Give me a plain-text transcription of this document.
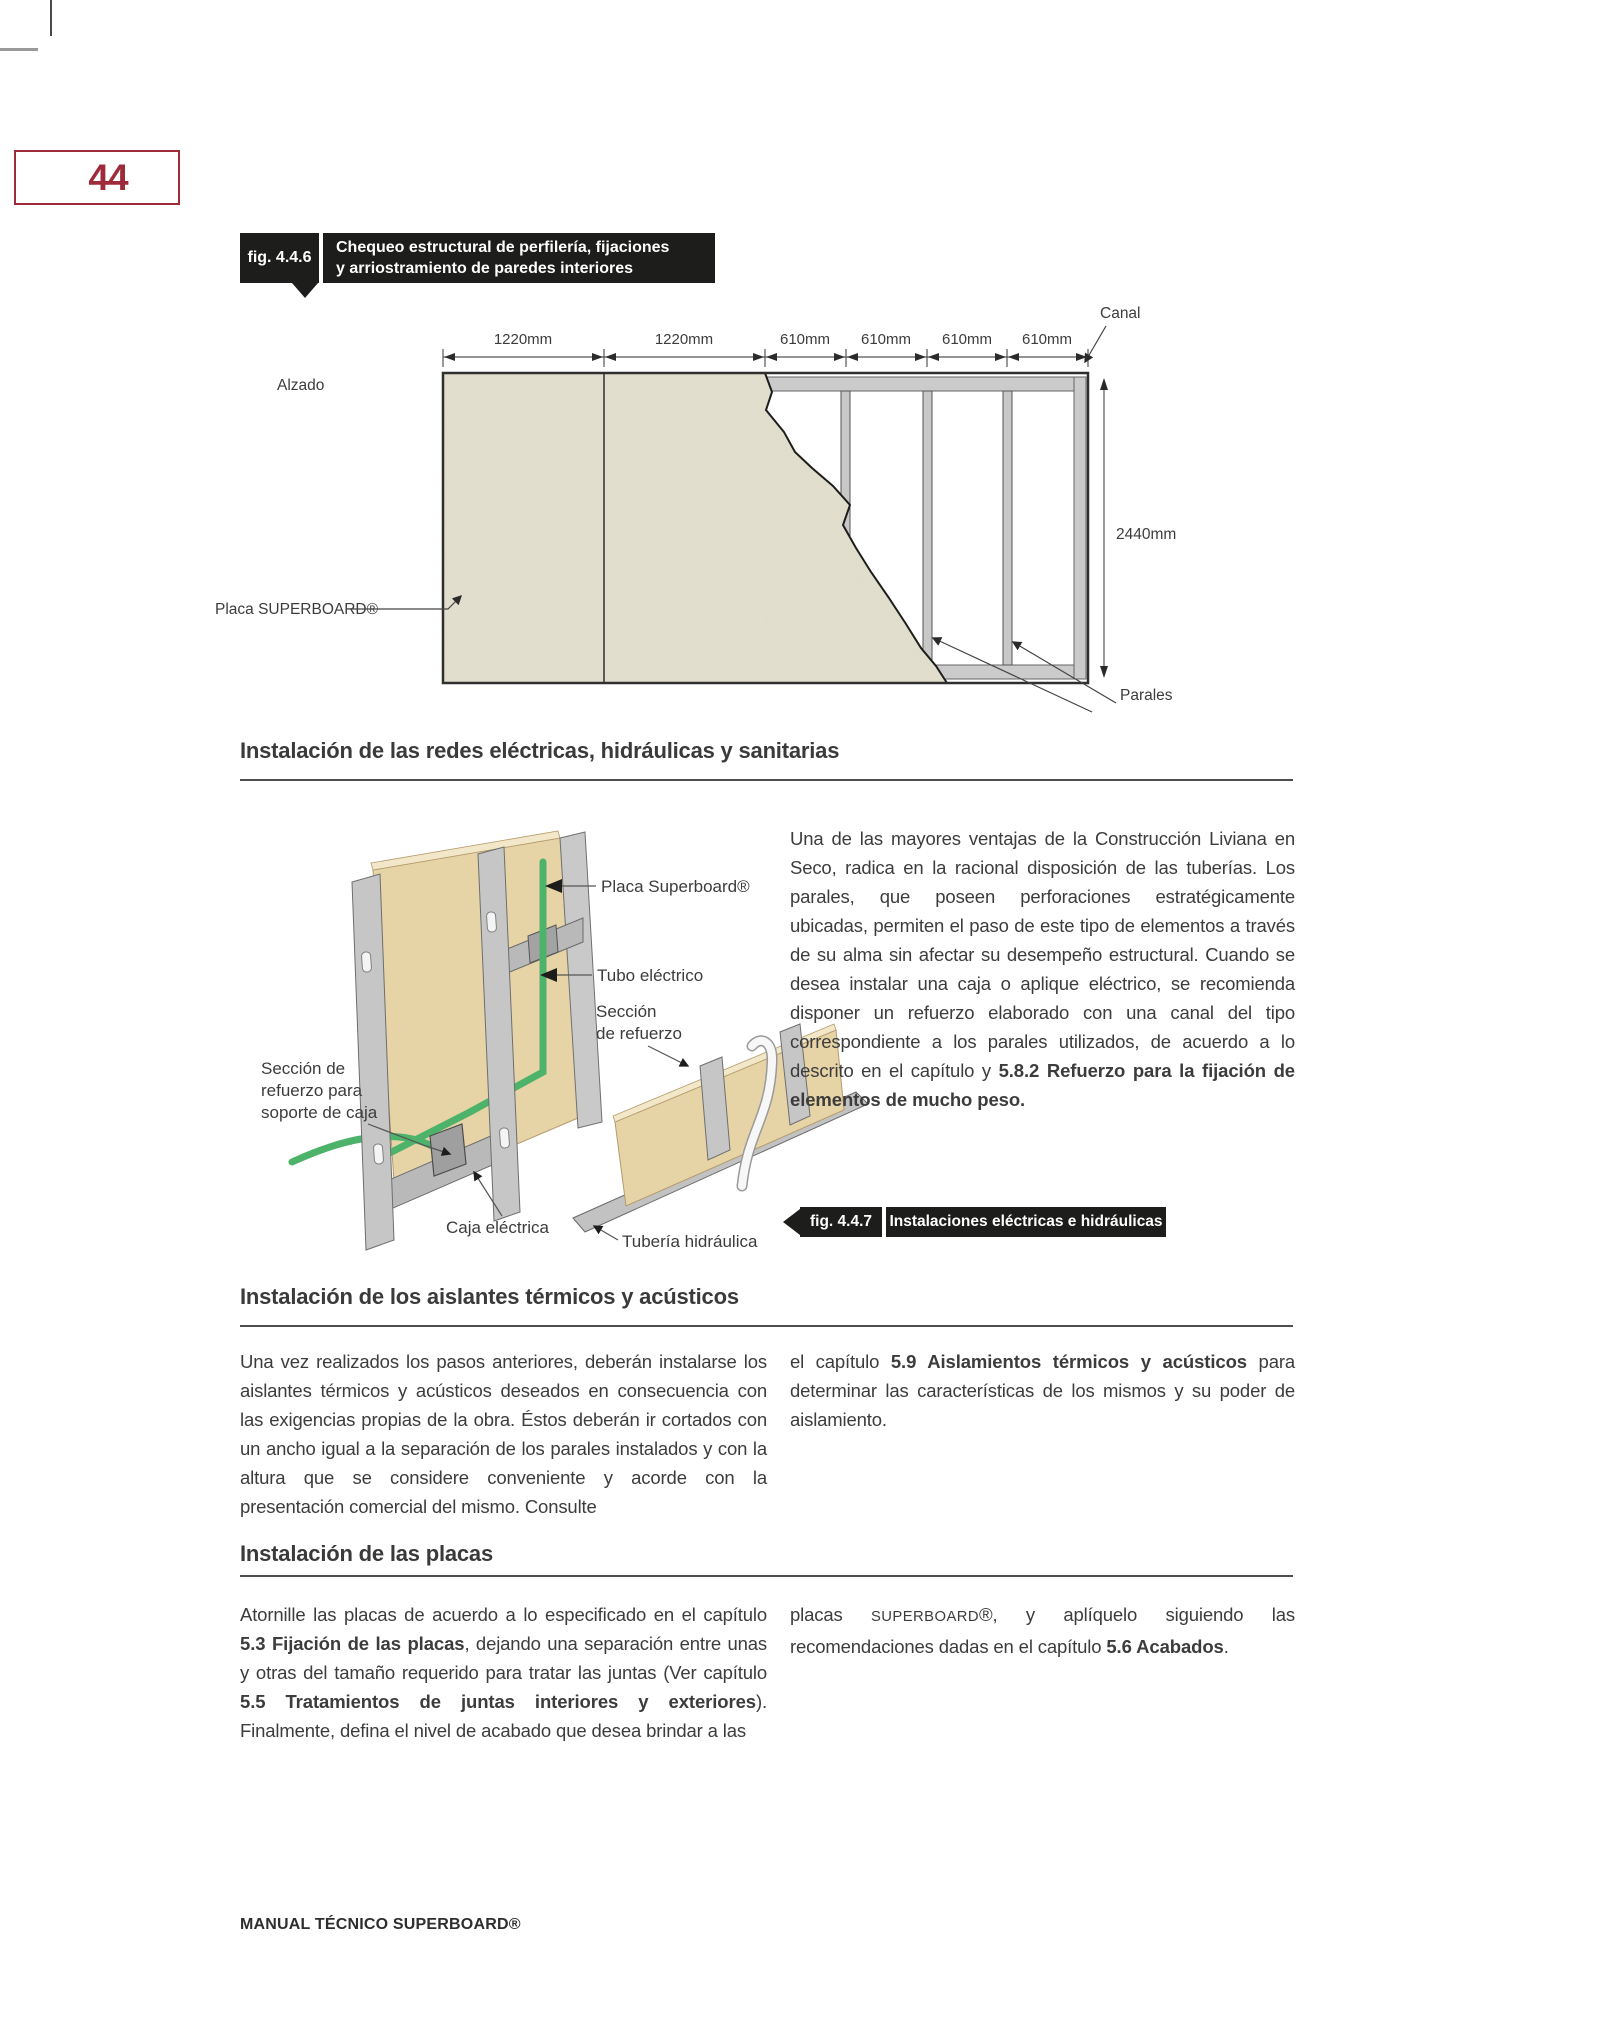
44
fig. 4.4.6
Chequeo estructural de perfilería, fijaciones
y arriostramiento de paredes interiores
Alzado
1220mm	1220mm	610mm 610mm 610mm 610mm
Canal
2440mm
Parales
Placa SUPERBOARD®
Instalación de las redes eléctricas, hidráulicas y sanitarias
Placa Superboard®
Tubo eléctrico
Sección
de refuerzo
Sección de
refuerzo para
soporte de caja
Caja eléctrica
Tubería hidráulica
Una de las mayores ventajas de la Construcción Liviana en Seco, radica en la racional disposición de las tuberías. Los parales, que poseen perforaciones estratégicamente ubicadas, permiten el paso de este tipo de elementos a través de su alma sin afectar su desempeño estructural. Cuando se desea instalar una caja o aplique eléctrico, se recomienda disponer un refuerzo elaborado con una canal del tipo correspondiente a los parales utilizados, de acuerdo a lo descrito en el capítulo y 5.8.2 Refuerzo para la fijación de elementos de mucho peso.
fig. 4.4.7	Instalaciones eléctricas e hidráulicas
Instalación de los aislantes térmicos y acústicos
Una vez realizados los pasos anteriores, deberán instalarse los aislantes térmicos y acústicos deseados en consecuencia con las exigencias propias de la obra. Éstos deberán ir cortados con un ancho igual a la separación de los parales instalados y con la altura que se considere conveniente y acorde con la presentación comercial del mismo. Consulte
el capítulo 5.9 Aislamientos térmicos y acústicos para determinar las características de los mismos y su poder de aislamiento.
Instalación de las placas
Atornille las placas de acuerdo a lo especificado en el capítulo 5.3 Fijación de las placas, dejando una separación entre unas y otras del tamaño requerido para tratar las juntas (Ver capítulo 5.5 Tratamientos de juntas interiores y exteriores). Finalmente, defina el nivel de acabado que desea brindar a las
placas SUPERBOARD®, y aplíquelo siguiendo las recomendaciones dadas en el capítulo 5.6 Acabados.
MANUAL TÉCNICO SUPERBOARD®
